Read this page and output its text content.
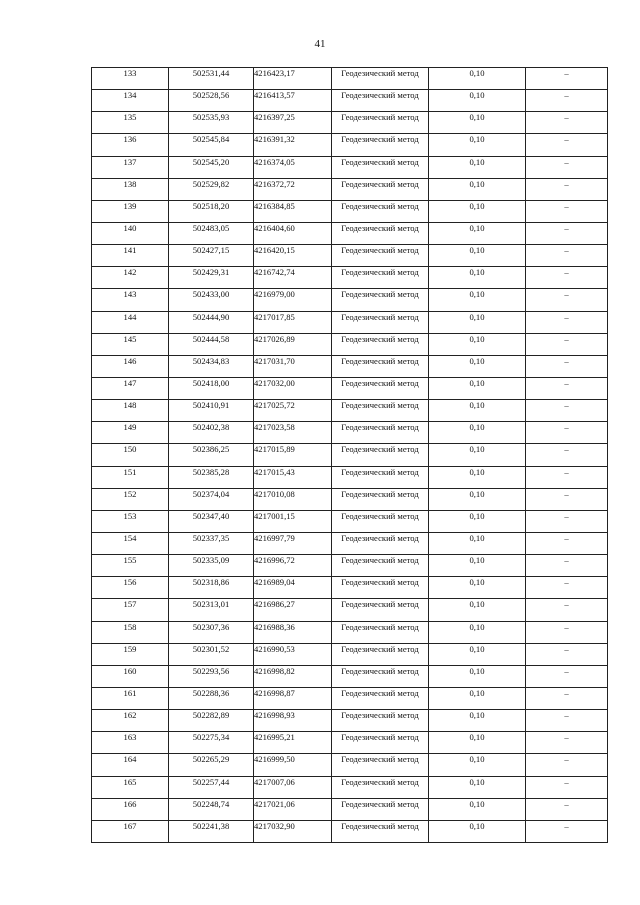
41
133	502531,44	4216423,17	Геодезический метод	0,10	–
134	502528,56	4216413,57	Геодезический метод	0,10	–
135	502535,93	4216397,25	Геодезический метод	0,10	–
136	502545,84	4216391,32	Геодезический метод	0,10	–
137	502545,20	4216374,05	Геодезический метод	0,10	–
138	502529,82	4216372,72	Геодезический метод	0,10	–
139	502518,20	4216384,85	Геодезический метод	0,10	–
140	502483,05	4216404,60	Геодезический метод	0,10	–
141	502427,15	4216420,15	Геодезический метод	0,10	–
142	502429,31	4216742,74	Геодезический метод	0,10	–
143	502433,00	4216979,00	Геодезический метод	0,10	–
144	502444,90	4217017,85	Геодезический метод	0,10	–
145	502444,58	4217026,89	Геодезический метод	0,10	–
146	502434,83	4217031,70	Геодезический метод	0,10	–
147	502418,00	4217032,00	Геодезический метод	0,10	–
148	502410,91	4217025,72	Геодезический метод	0,10	–
149	502402,38	4217023,58	Геодезический метод	0,10	–
150	502386,25	4217015,89	Геодезический метод	0,10	–
151	502385,28	4217015,43	Геодезический метод	0,10	–
152	502374,04	4217010,08	Геодезический метод	0,10	–
153	502347,40	4217001,15	Геодезический метод	0,10	–
154	502337,35	4216997,79	Геодезический метод	0,10	–
155	502335,09	4216996,72	Геодезический метод	0,10	–
156	502318,86	4216989,04	Геодезический метод	0,10	–
157	502313,01	4216986,27	Геодезический метод	0,10	–
158	502307,36	4216988,36	Геодезический метод	0,10	–
159	502301,52	4216990,53	Геодезический метод	0,10	–
160	502293,56	4216998,82	Геодезический метод	0,10	–
161	502288,36	4216998,87	Геодезический метод	0,10	–
162	502282,89	4216998,93	Геодезический метод	0,10	–
163	502275,34	4216995,21	Геодезический метод	0,10	–
164	502265,29	4216999,50	Геодезический метод	0,10	–
165	502257,44	4217007,06	Геодезический метод	0,10	–
166	502248,74	4217021,06	Геодезический метод	0,10	–
167	502241,38	4217032,90	Геодезический метод	0,10	–
